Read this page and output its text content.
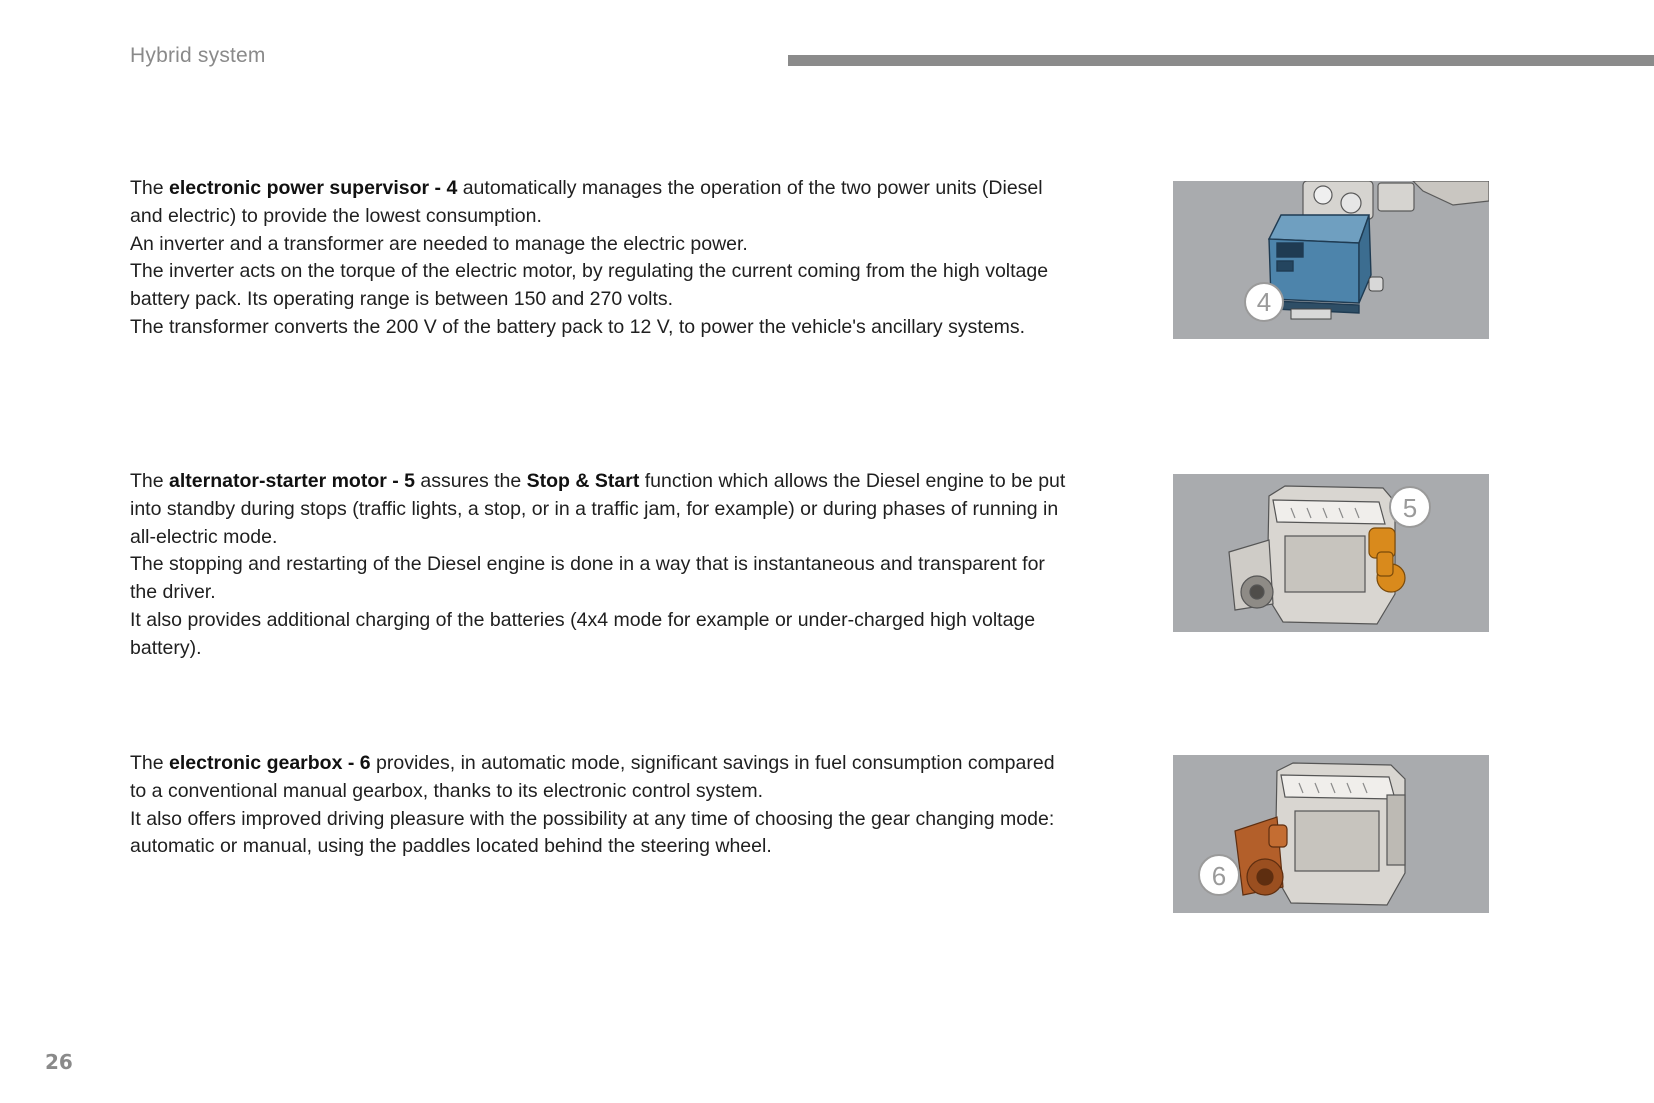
Hybrid system

The electronic power supervisor - 4 automatically manages the operation of the two power units (Diesel and electric) to provide the lowest consumption.

An inverter and a transformer are needed to manage the electric power.

The inverter acts on the torque of the electric motor, by regulating the current coming from the high voltage battery pack. Its operating range is between 150 and 270 volts.

The transformer converts the 200 V of the battery pack to 12 V, to power the vehicle's ancillary systems.

4

The alternator-starter motor - 5 assures the Stop & Start function which allows the Diesel engine to be put into standby during stops (traffic lights, a stop, or in a traffic jam, for example) or during phases of running in all-electric mode.

The stopping and restarting of the Diesel engine is done in a way that is instantaneous and transparent for the driver.

It also provides additional charging of the batteries (4x4 mode for example or under-charged high voltage battery).

5

The electronic gearbox - 6 provides, in automatic mode, significant savings in fuel consumption compared to a conventional manual gearbox, thanks to its electronic control system.

It also offers improved driving pleasure with the possibility at any time of choosing the gear changing mode: automatic or manual, using the paddles located behind the steering wheel.

6
26
